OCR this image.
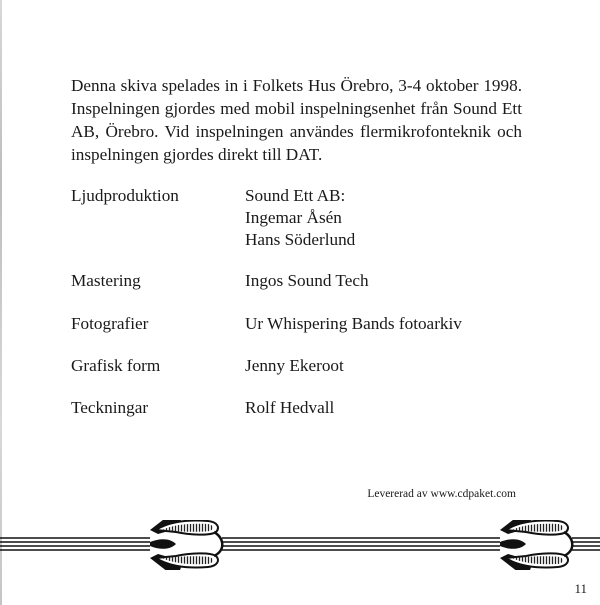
Denna skiva spelades in i Folkets Hus Örebro, 3-4 oktober 1998. Inspelningen gjordes med mobil inspelningsenhet från Sound Ett AB, Örebro. Vid inspelningen användes flermikrofonteknik och inspelningen gjordes direkt till DAT.

Ljudproduktion	Sound Ett AB:
Ingemar Åsén
Hans Söderlund

Mastering	Ingos Sound Tech

Fotografier	Ur Whispering Bands fotoarkiv

Grafisk form	Jenny Ekeroot

Teckningar	Rolf Hedvall

Levererad av www.cdpaket.com

11
